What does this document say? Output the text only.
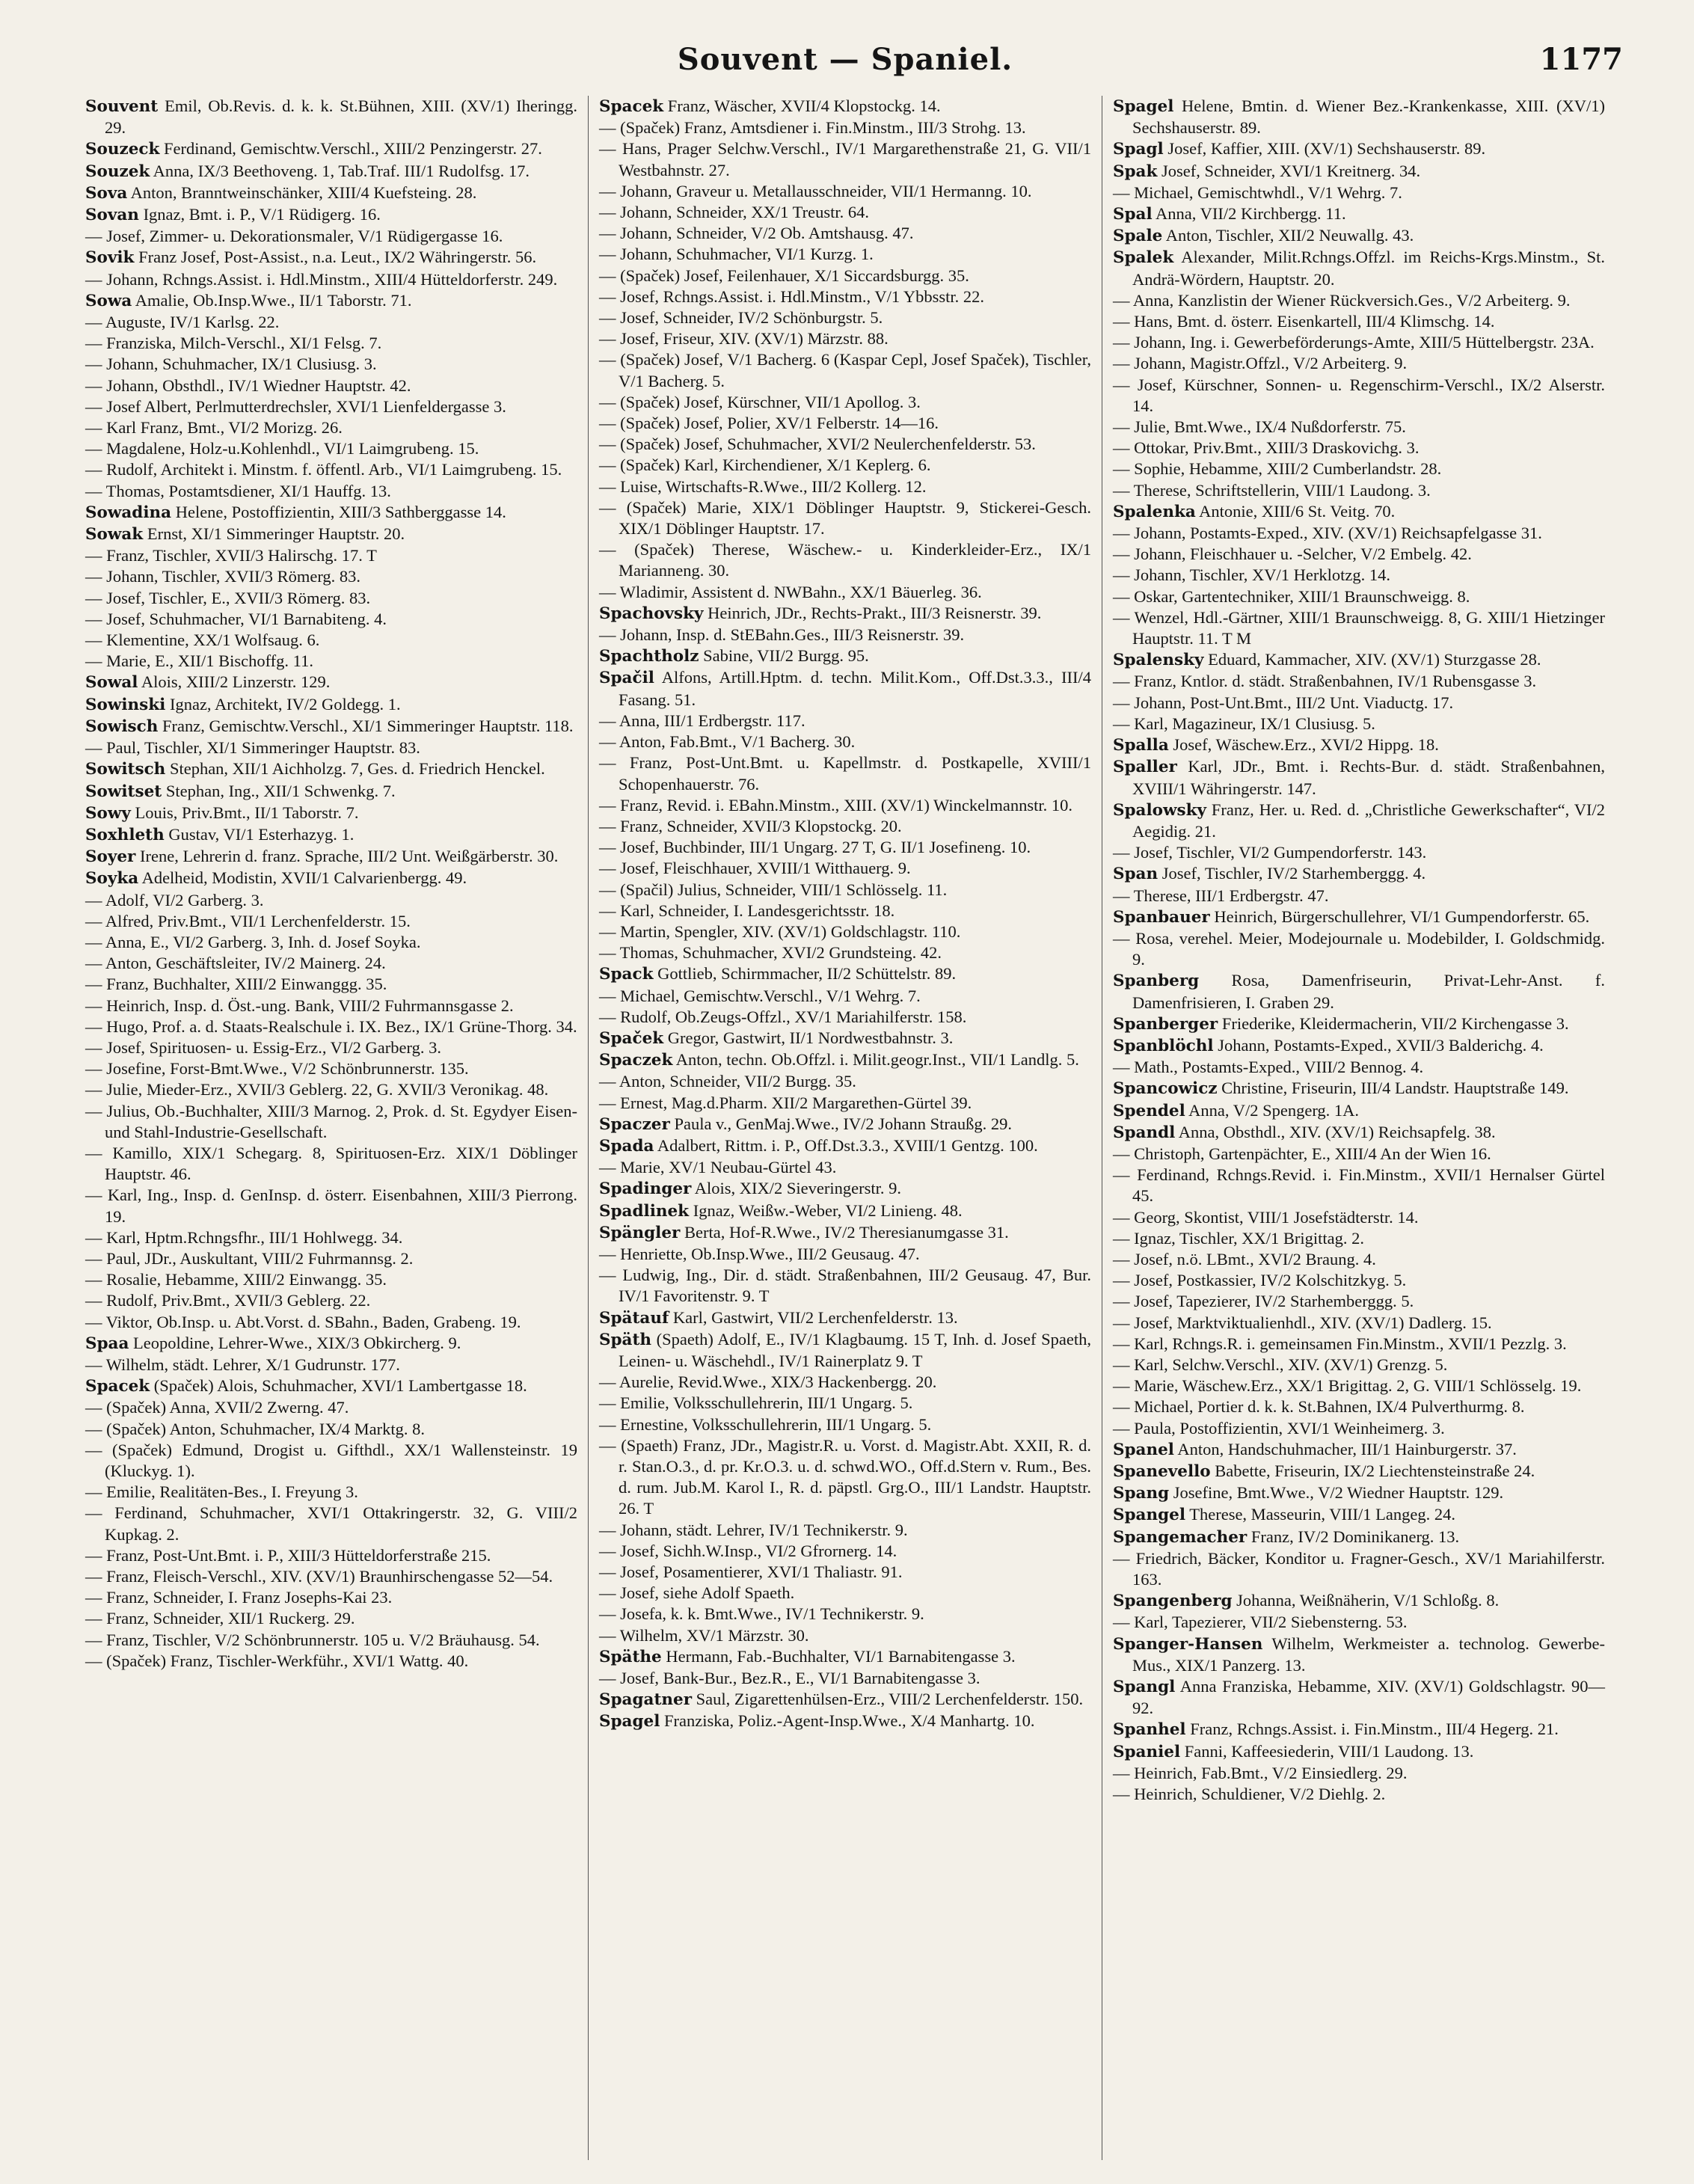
Souvent — Spaniel.	1177

Souvent Emil, Ob.Revis. d. k. k. St.Bühnen, XIII. (XV/1) Iheringg. 29.

Souzeck Ferdinand, Gemischtw.Verschl., XIII/2 Penzingerstr. 27.

Souzek Anna, IX/3 Beethoveng. 1, Tab.Traf. III/1 Rudolfsg. 17.

Sova Anton, Branntweinschänker, XIII/4 Kuefsteing. 28.

Sovan Ignaz, Bmt. i. P., V/1 Rüdigerg. 16.

— Josef, Zimmer- u. Dekorationsmaler, V/1 Rüdigergasse 16.

Sovik Franz Josef, Post-Assist., n.a. Leut., IX/2 Währingerstr. 56.

— Johann, Rchngs.Assist. i. Hdl.Minstm., XIII/4 Hütteldorferstr. 249.

Sowa Amalie, Ob.Insp.Wwe., II/1 Taborstr. 71.

— Auguste, IV/1 Karlsg. 22.

— Franziska, Milch-Verschl., XI/1 Felsg. 7.

— Johann, Schuhmacher, IX/1 Clusiusg. 3.

— Johann, Obsthdl., IV/1 Wiedner Hauptstr. 42.

— Josef Albert, Perlmutterdrechsler, XVI/1 Lienfeldergasse 3.

— Karl Franz, Bmt., VI/2 Morizg. 26.

— Magdalene, Holz-u.Kohlenhdl., VI/1 Laimgrubeng. 15.

— Rudolf, Architekt i. Minstm. f. öffentl. Arb., VI/1 Laimgrubeng. 15.

— Thomas, Postamtsdiener, XI/1 Hauffg. 13.

Sowadina Helene, Postoffizientin, XIII/3 Sathberggasse 14.

Sowak Ernst, XI/1 Simmeringer Hauptstr. 20.

— Franz, Tischler, XVII/3 Halirschg. 17. T

— Johann, Tischler, XVII/3 Römerg. 83.

— Josef, Tischler, E., XVII/3 Römerg. 83.

— Josef, Schuhmacher, VI/1 Barnabiteng. 4.

— Klementine, XX/1 Wolfsaug. 6.

— Marie, E., XII/1 Bischoffg. 11.

Sowal Alois, XIII/2 Linzerstr. 129.

Sowinski Ignaz, Architekt, IV/2 Goldegg. 1.

Sowisch Franz, Gemischtw.Verschl., XI/1 Simmeringer Hauptstr. 118.

— Paul, Tischler, XI/1 Simmeringer Hauptstr. 83.

Sowitsch Stephan, XII/1 Aichholzg. 7, Ges. d. Friedrich Henckel.

Sowitset Stephan, Ing., XII/1 Schwenkg. 7.

Sowy Louis, Priv.Bmt., II/1 Taborstr. 7.

Soxhleth Gustav, VI/1 Esterhazyg. 1.

Soyer Irene, Lehrerin d. franz. Sprache, III/2 Unt. Weißgärberstr. 30.

Soyka Adelheid, Modistin, XVII/1 Calvarienbergg. 49.

— Adolf, VI/2 Garberg. 3.

— Alfred, Priv.Bmt., VII/1 Lerchenfelderstr. 15.

— Anna, E., VI/2 Garberg. 3, Inh. d. Josef Soyka.

— Anton, Geschäftsleiter, IV/2 Mainerg. 24.

— Franz, Buchhalter, XIII/2 Einwanggg. 35.

— Heinrich, Insp. d. Öst.-ung. Bank, VIII/2 Fuhrmannsgasse 2.

— Hugo, Prof. a. d. Staats-Realschule i. IX. Bez., IX/1 Grüne-Thorg. 34.

— Josef, Spirituosen- u. Essig-Erz., VI/2 Garberg. 3.

— Josefine, Forst-Bmt.Wwe., V/2 Schönbrunnerstr. 135.

— Julie, Mieder-Erz., XVII/3 Geblerg. 22, G. XVII/3 Veronikag. 48.

— Julius, Ob.-Buchhalter, XIII/3 Marnog. 2, Prok. d. St. Egydyer Eisen- und Stahl-Industrie-Gesellschaft.

— Kamillo, XIX/1 Schegarg. 8, Spirituosen-Erz. XIX/1 Döblinger Hauptstr. 46.

— Karl, Ing., Insp. d. GenInsp. d. österr. Eisenbahnen, XIII/3 Pierrong. 19.

— Karl, Hptm.Rchngsfhr., III/1 Hohlwegg. 34.

— Paul, JDr., Auskultant, VIII/2 Fuhrmannsg. 2.

— Rosalie, Hebamme, XIII/2 Einwangg. 35.

— Rudolf, Priv.Bmt., XVII/3 Geblerg. 22.

— Viktor, Ob.Insp. u. Abt.Vorst. d. SBahn., Baden, Grabeng. 19.

Spaa Leopoldine, Lehrer-Wwe., XIX/3 Obkircherg. 9.

— Wilhelm, städt. Lehrer, X/1 Gudrunstr. 177.

Spacek (Spaček) Alois, Schuhmacher, XVI/1 Lambertgasse 18.

— (Spaček) Anna, XVII/2 Zwerng. 47.

— (Spaček) Anton, Schuhmacher, IX/4 Marktg. 8.

— (Spaček) Edmund, Drogist u. Gifthdl., XX/1 Wallensteinstr. 19 (Kluckyg. 1).

— Emilie, Realitäten-Bes., I. Freyung 3.

— Ferdinand, Schuhmacher, XVI/1 Ottakringerstr. 32, G. VIII/2 Kupkag. 2.

— Franz, Post-Unt.Bmt. i. P., XIII/3 Hütteldorferstraße 215.

— Franz, Fleisch-Verschl., XIV. (XV/1) Braunhirschengasse 52—54.

— Franz, Schneider, I. Franz Josephs-Kai 23.

— Franz, Schneider, XII/1 Ruckerg. 29.

— Franz, Tischler, V/2 Schönbrunnerstr. 105 u. V/2 Bräuhausg. 54.

— (Spaček) Franz, Tischler-Werkführ., XVI/1 Wattg. 40.

Spacek Franz, Wäscher, XVII/4 Klopstockg. 14.

— (Spaček) Franz, Amtsdiener i. Fin.Minstm., III/3 Strohg. 13.

— Hans, Prager Selchw.Verschl., IV/1 Margarethenstraße 21, G. VII/1 Westbahnstr. 27.

— Johann, Graveur u. Metallausschneider, VII/1 Hermanng. 10.

— Johann, Schneider, XX/1 Treustr. 64.

— Johann, Schneider, V/2 Ob. Amtshausg. 47.

— Johann, Schuhmacher, VI/1 Kurzg. 1.

— (Spaček) Josef, Feilenhauer, X/1 Siccardsburgg. 35.

— Josef, Rchngs.Assist. i. Hdl.Minstm., V/1 Ybbsstr. 22.

— Josef, Schneider, IV/2 Schönburgstr. 5.

— Josef, Friseur, XIV. (XV/1) Märzstr. 88.

— (Spaček) Josef, V/1 Bacherg. 6 (Kaspar Cepl, Josef Spaček), Tischler, V/1 Bacherg. 5.

— (Spaček) Josef, Kürschner, VII/1 Apollog. 3.

— (Spaček) Josef, Polier, XV/1 Felberstr. 14—16.

— (Spaček) Josef, Schuhmacher, XVI/2 Neulerchenfelderstr. 53.

— (Spaček) Karl, Kirchendiener, X/1 Keplerg. 6.

— Luise, Wirtschafts-R.Wwe., III/2 Kollerg. 12.

— (Spaček) Marie, XIX/1 Döblinger Hauptstr. 9, Stickerei-Gesch. XIX/1 Döblinger Hauptstr. 17.

— (Spaček) Therese, Wäschew.- u. Kinderkleider-Erz., IX/1 Marianneng. 30.

— Wladimir, Assistent d. NWBahn., XX/1 Bäuerleg. 36.

Spachovsky Heinrich, JDr., Rechts-Prakt., III/3 Reisnerstr. 39.

— Johann, Insp. d. StEBahn.Ges., III/3 Reisnerstr. 39.

Spachtholz Sabine, VII/2 Burgg. 95.

Spačil Alfons, Artill.Hptm. d. techn. Milit.Kom., Off.Dst.3.3., III/4 Fasang. 51.

— Anna, III/1 Erdbergstr. 117.

— Anton, Fab.Bmt., V/1 Bacherg. 30.

— Franz, Post-Unt.Bmt. u. Kapellmstr. d. Postkapelle, XVIII/1 Schopenhauerstr. 76.

— Franz, Revid. i. EBahn.Minstm., XIII. (XV/1) Winckelmannstr. 10.

— Franz, Schneider, XVII/3 Klopstockg. 20.

— Josef, Buchbinder, III/1 Ungarg. 27 T, G. II/1 Josefineng. 10.

— Josef, Fleischhauer, XVIII/1 Witthauerg. 9.

— (Spačil) Julius, Schneider, VIII/1 Schlösselg. 11.

— Karl, Schneider, I. Landesgerichtsstr. 18.

— Martin, Spengler, XIV. (XV/1) Goldschlagstr. 110.

— Thomas, Schuhmacher, XVI/2 Grundsteing. 42.

Spack Gottlieb, Schirmmacher, II/2 Schüttelstr. 89.

— Michael, Gemischtw.Verschl., V/1 Wehrg. 7.

— Rudolf, Ob.Zeugs-Offzl., XV/1 Mariahilferstr. 158.

Spaček Gregor, Gastwirt, II/1 Nordwestbahnstr. 3.

Spaczek Anton, techn. Ob.Offzl. i. Milit.geogr.Inst., VII/1 Landlg. 5.

— Anton, Schneider, VII/2 Burgg. 35.

— Ernest, Mag.d.Pharm. XII/2 Margarethen-Gürtel 39.

Spaczer Paula v., GenMaj.Wwe., IV/2 Johann Straußg. 29.

Spada Adalbert, Rittm. i. P., Off.Dst.3.3., XVIII/1 Gentzg. 100.

— Marie, XV/1 Neubau-Gürtel 43.

Spadinger Alois, XIX/2 Sieveringerstr. 9.

Spadlinek Ignaz, Weißw.-Weber, VI/2 Linieng. 48.

Spängler Berta, Hof-R.Wwe., IV/2 Theresianumgasse 31.

— Henriette, Ob.Insp.Wwe., III/2 Geusaug. 47.

— Ludwig, Ing., Dir. d. städt. Straßenbahnen, III/2 Geusaug. 47, Bur. IV/1 Favoritenstr. 9. T

Spätauf Karl, Gastwirt, VII/2 Lerchenfelderstr. 13.

Späth (Spaeth) Adolf, E., IV/1 Klagbaumg. 15 T, Inh. d. Josef Spaeth, Leinen- u. Wäschehdl., IV/1 Rainerplatz 9. T

— Aurelie, Revid.Wwe., XIX/3 Hackenbergg. 20.

— Emilie, Volksschullehrerin, III/1 Ungarg. 5.

— Ernestine, Volksschullehrerin, III/1 Ungarg. 5.

— (Spaeth) Franz, JDr., Magistr.R. u. Vorst. d. Magistr.Abt. XXII, R. d. r. Stan.O.3., d. pr. Kr.O.3. u. d. schwd.WO., Off.d.Stern v. Rum., Bes. d. rum. Jub.M. Karol I., R. d. päpstl. Grg.O., III/1 Landstr. Hauptstr. 26. T

— Johann, städt. Lehrer, IV/1 Technikerstr. 9.

— Josef, Sichh.W.Insp., VI/2 Gfrornerg. 14.

— Josef, Posamentierer, XVI/1 Thaliastr. 91.

— Josef, siehe Adolf Spaeth.

— Josefa, k. k. Bmt.Wwe., IV/1 Technikerstr. 9.

— Wilhelm, XV/1 Märzstr. 30.

Späthe Hermann, Fab.-Buchhalter, VI/1 Barnabitengasse 3.

— Josef, Bank-Bur., Bez.R., E., VI/1 Barnabitengasse 3.

Spagatner Saul, Zigarettenhülsen-Erz., VIII/2 Lerchenfelderstr. 150.

Spagel Franziska, Poliz.-Agent-Insp.Wwe., X/4 Manhartg. 10.

Spagel Helene, Bmtin. d. Wiener Bez.-Krankenkasse, XIII. (XV/1) Sechshauserstr. 89.

Spagl Josef, Kaffier, XIII. (XV/1) Sechshauserstr. 89.

Spak Josef, Schneider, XVI/1 Kreitnerg. 34.

— Michael, Gemischtwhdl., V/1 Wehrg. 7.

Spal Anna, VII/2 Kirchbergg. 11.

Spale Anton, Tischler, XII/2 Neuwallg. 43.

Spalek Alexander, Milit.Rchngs.Offzl. im Reichs-Krgs.Minstm., St. Andrä-Wördern, Hauptstr. 20.

— Anna, Kanzlistin der Wiener Rückversich.Ges., V/2 Arbeiterg. 9.

— Hans, Bmt. d. österr. Eisenkartell, III/4 Klimschg. 14.

— Johann, Ing. i. Gewerbeförderungs-Amte, XIII/5 Hüttelbergstr. 23A.

— Johann, Magistr.Offzl., V/2 Arbeiterg. 9.

— Josef, Kürschner, Sonnen- u. Regenschirm-Verschl., IX/2 Alserstr. 14.

— Julie, Bmt.Wwe., IX/4 Nußdorferstr. 75.

— Ottokar, Priv.Bmt., XIII/3 Draskovichg. 3.

— Sophie, Hebamme, XIII/2 Cumberlandstr. 28.

— Therese, Schriftstellerin, VIII/1 Laudong. 3.

Spalenka Antonie, XIII/6 St. Veitg. 70.

— Johann, Postamts-Exped., XIV. (XV/1) Reichsapfelgasse 31.

— Johann, Fleischhauer u. -Selcher, V/2 Embelg. 42.

— Johann, Tischler, XV/1 Herklotzg. 14.

— Oskar, Gartentechniker, XIII/1 Braunschweigg. 8.

— Wenzel, Hdl.-Gärtner, XIII/1 Braunschweigg. 8, G. XIII/1 Hietzinger Hauptstr. 11. T M

Spalensky Eduard, Kammacher, XIV. (XV/1) Sturzgasse 28.

— Franz, Kntlor. d. städt. Straßenbahnen, IV/1 Rubensgasse 3.

— Johann, Post-Unt.Bmt., III/2 Unt. Viaductg. 17.

— Karl, Magazineur, IX/1 Clusiusg. 5.

Spalla Josef, Wäschew.Erz., XVI/2 Hippg. 18.

Spaller Karl, JDr., Bmt. i. Rechts-Bur. d. städt. Straßenbahnen, XVIII/1 Währingerstr. 147.

Spalowsky Franz, Her. u. Red. d. „Christliche Gewerkschafter“, VI/2 Aegidig. 21.

— Josef, Tischler, VI/2 Gumpendorferstr. 143.

Span Josef, Tischler, IV/2 Starhemberggg. 4.

— Therese, III/1 Erdbergstr. 47.

Spanbauer Heinrich, Bürgerschullehrer, VI/1 Gumpendorferstr. 65.

— Rosa, verehel. Meier, Modejournale u. Modebilder, I. Goldschmidg. 9.

Spanberg Rosa, Damenfriseurin, Privat-Lehr-Anst. f. Damenfrisieren, I. Graben 29.

Spanberger Friederike, Kleidermacherin, VII/2 Kirchengasse 3.

Spanblöchl Johann, Postamts-Exped., XVII/3 Balderichg. 4.

— Math., Postamts-Exped., VIII/2 Bennog. 4.

Spancowicz Christine, Friseurin, III/4 Landstr. Hauptstraße 149.

Spendel Anna, V/2 Spengerg. 1A.

Spandl Anna, Obsthdl., XIV. (XV/1) Reichsapfelg. 38.

— Christoph, Gartenpächter, E., XIII/4 An der Wien 16.

— Ferdinand, Rchngs.Revid. i. Fin.Minstm., XVII/1 Hernalser Gürtel 45.

— Georg, Skontist, VIII/1 Josefstädterstr. 14.

— Ignaz, Tischler, XX/1 Brigittag. 2.

— Josef, n.ö. LBmt., XVI/2 Braung. 4.

— Josef, Postkassier, IV/2 Kolschitzkyg. 5.

— Josef, Tapezierer, IV/2 Starhemberggg. 5.

— Josef, Marktviktualienhdl., XIV. (XV/1) Dadlerg. 15.

— Karl, Rchngs.R. i. gemeinsamen Fin.Minstm., XVII/1 Pezzlg. 3.

— Karl, Selchw.Verschl., XIV. (XV/1) Grenzg. 5.

— Marie, Wäschew.Erz., XX/1 Brigittag. 2, G. VIII/1 Schlösselg. 19.

— Michael, Portier d. k. k. St.Bahnen, IX/4 Pulverthurmg. 8.

— Paula, Postoffizientin, XVI/1 Weinheimerg. 3.

Spanel Anton, Handschuhmacher, III/1 Hainburgerstr. 37.

Spanevello Babette, Friseurin, IX/2 Liechtensteinstraße 24.

Spang Josefine, Bmt.Wwe., V/2 Wiedner Hauptstr. 129.

Spangel Therese, Masseurin, VIII/1 Langeg. 24.

Spangemacher Franz, IV/2 Dominikanerg. 13.

— Friedrich, Bäcker, Konditor u. Fragner-Gesch., XV/1 Mariahilferstr. 163.

Spangenberg Johanna, Weißnäherin, V/1 Schloßg. 8.

— Karl, Tapezierer, VII/2 Siebensterng. 53.

Spanger-Hansen Wilhelm, Werkmeister a. technolog. Gewerbe-Mus., XIX/1 Panzerg. 13.

Spangl Anna Franziska, Hebamme, XIV. (XV/1) Goldschlagstr. 90—92.

Spanhel Franz, Rchngs.Assist. i. Fin.Minstm., III/4 Hegerg. 21.

Spaniel Fanni, Kaffeesiederin, VIII/1 Laudong. 13.

— Heinrich, Fab.Bmt., V/2 Einsiedlerg. 29.

— Heinrich, Schuldiener, V/2 Diehlg. 2.
